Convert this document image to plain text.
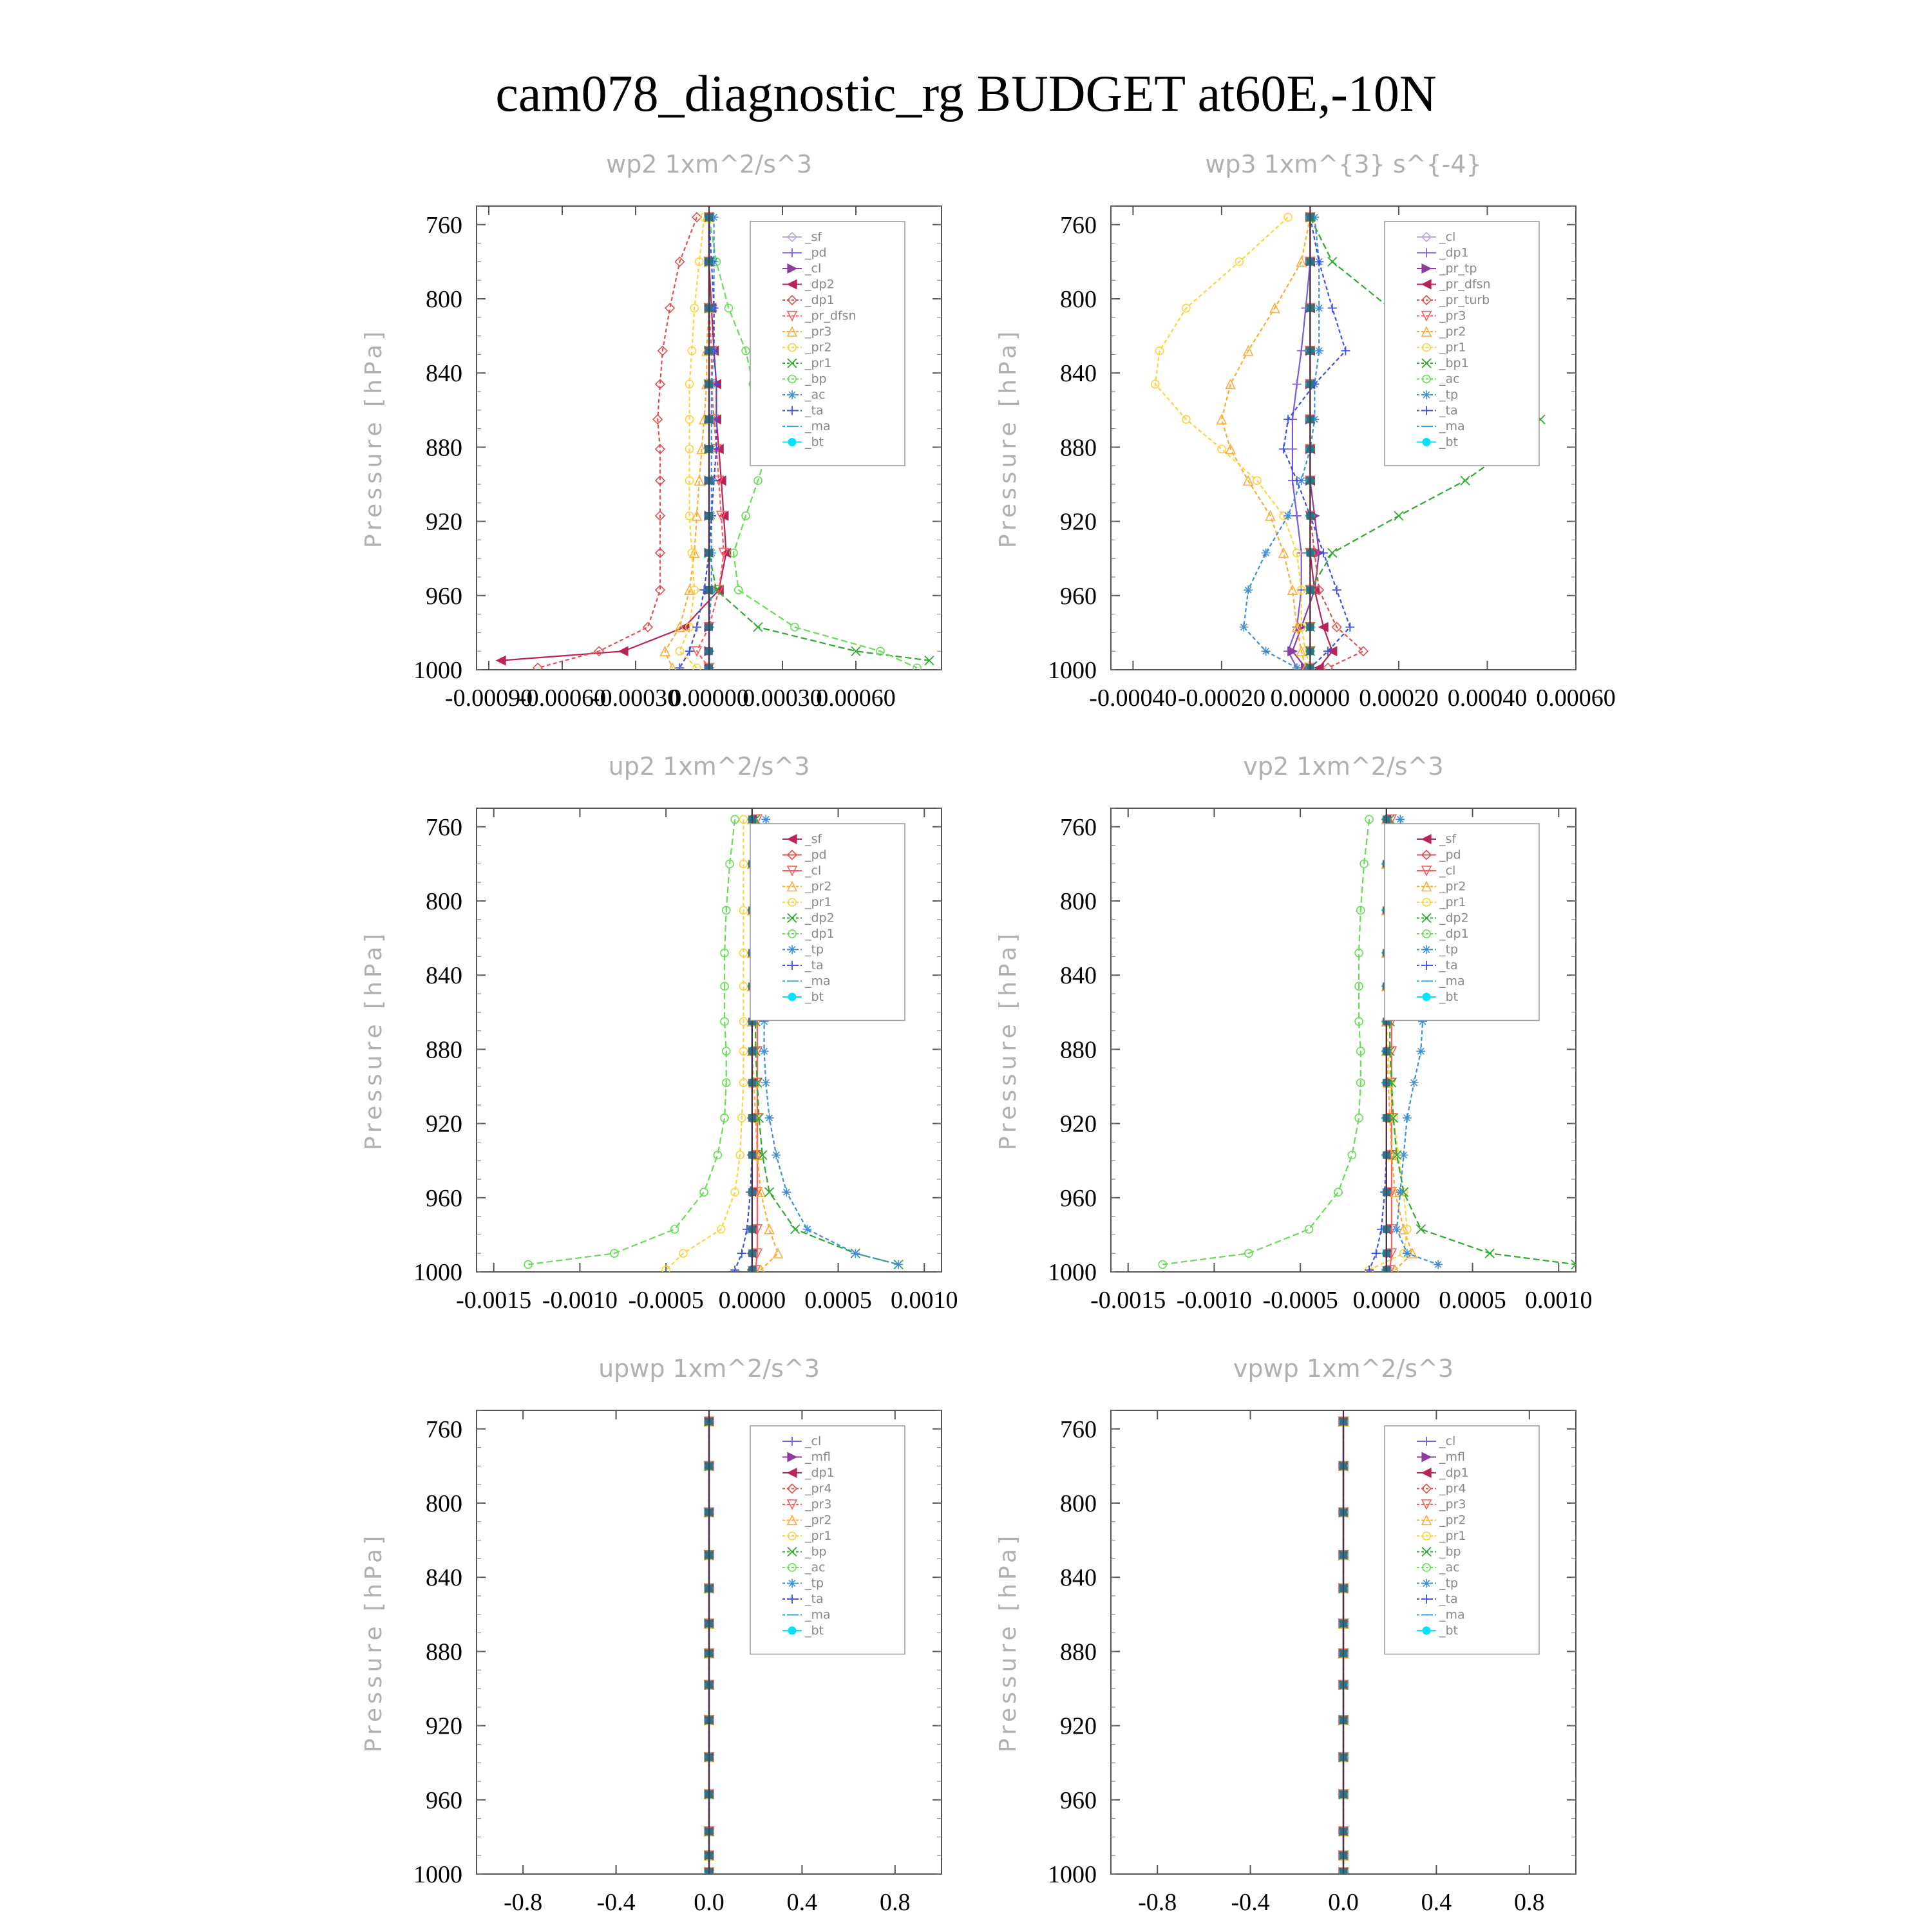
cam078_diagnostic_rg BUDGET at60E,-10N
wp2 1xm^2/s^3
Pressure [hPa]
760
800
840
880
920
960
1000
-0.00090
-0.00060
-0.00030
0.00000
0.00030
0.00060
_sf
_pd
_cl
_dp2
_dp1
_pr_dfsn
_pr3
_pr2
_pr1
_bp
_ac
_ta
_ma
_bt
wp3 1xm^{3} s^{-4}
Pressure [hPa]
760
800
840
880
920
960
1000
-0.00040 -0.00020 0.00000 0.00020 0.00040 0.00060
_cl
_dp1
_pr_tp
_pr_dfsn
_pr_turb
_pr3
_pr2
_pr1
_bp1
_ac
_tp
_ta
_ma
_bt
up2 1xm^2/s^3
Pressure [hPa]
760
800
840
880
920
960
1000
-0.0015 -0.0010 -0.0005 0.0000 0.0005 0.0010
_sf
_pd
_cl
_pr2
_pr1
_dp2
_dp1
_tp
_ta
_ma
_bt
vp2 1xm^2/s^3
Pressure [hPa]
760
800
840
880
920
960
1000
-0.0015 -0.0010 -0.0005 0.0000 0.0005 0.0010
_sf
_pd
_cl
_pr2
_pr1
_dp2
_dp1
_tp
_ta
_ma
_bt
upwp 1xm^2/s^3
Pressure [hPa]
760
800
840
880
920
960
1000
-0.8 -0.4 0.0	0.4	0.8
_cl
_mfl
_dp1
_pr4
_pr3
_pr2
_pr1
_bp
_ac
_tp
_ta
_ma
_bt
vpwp 1xm^2/s^3
Pressure [hPa]
760
800
840
880
920
960
1000
-0.8 -0.4 0.0	0.4	0.8
_cl
_mfl
_dp1
_pr4
_pr3
_pr2
_pr1
_bp
_ac
_tp
_ta
_ma
_bt
